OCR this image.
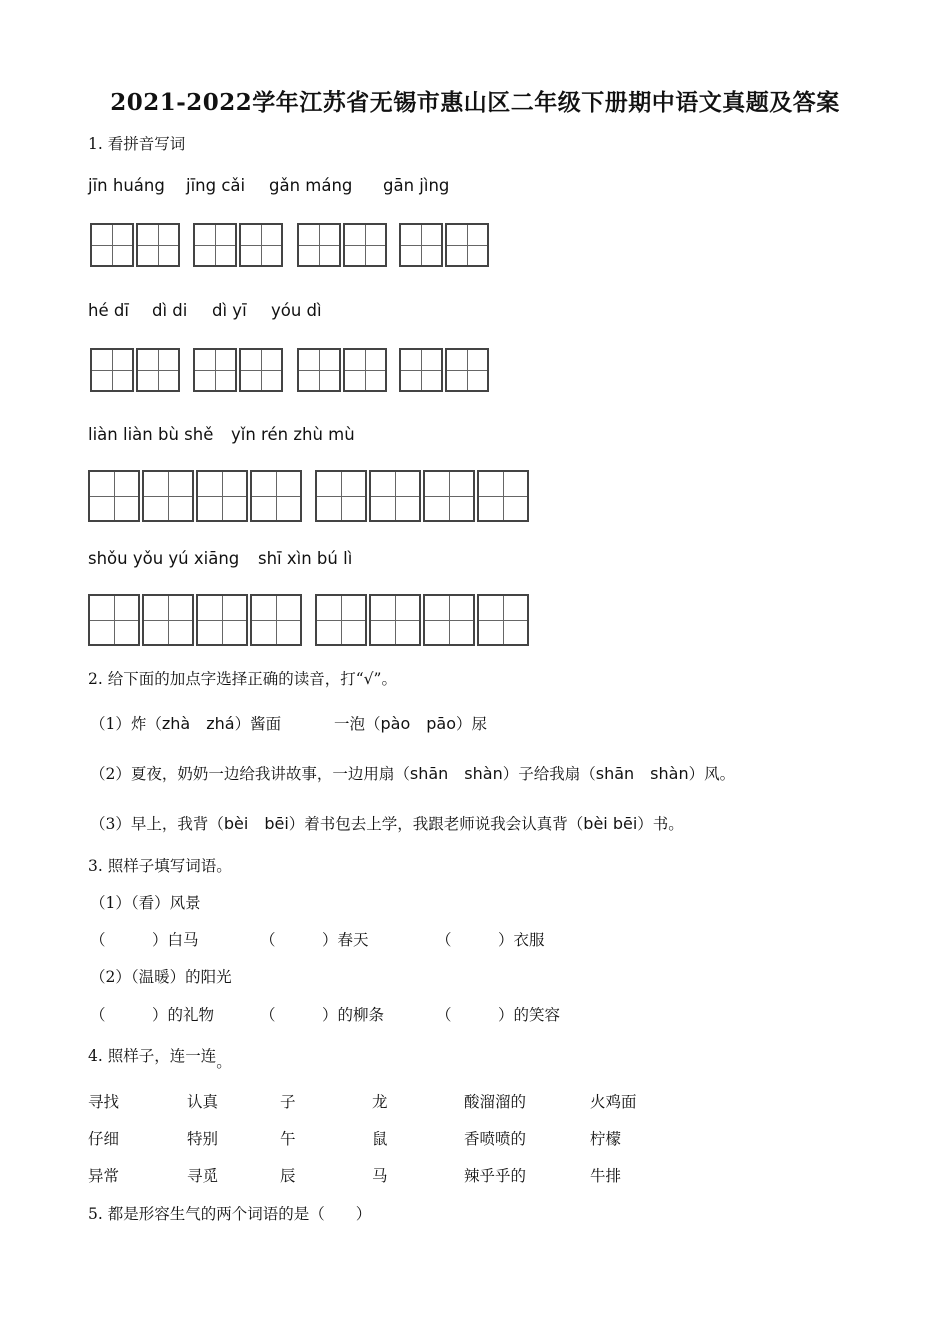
2021-2022学年江苏省无锡市惠山区二年级下册期中语文真题及答案
1. 看拼音写词
jīn huáng jīng cǎi gǎn máng gān jìng
hé dī dì di dì yī yóu dì
liàn liàn bù shě yǐn rén zhù mù
shǒu yǒu yú xiāng shī xìn bú lì
2. 给下面的加点字选择正确的读音，打“√”。
（1）炸（zhà　zhá）酱面	一泡（pào　pāo）尿
（2）夏夜，奶奶一边给我讲故事，一边用扇（shān　shàn）子给我扇（shān　shàn）风。
（3）早上，我背（bèi　bēi）着书包去上学，我跟老师说我会认真背（bèi bēi）书。
3. 照样子填写词语。
（1）（看）风景
（　　　）白马	（　　　）春天	（　　　）衣服
（2）（温暖）的阳光
（　　　）的礼物	（　　　）的柳条	（　　　）的笑容
4. 照样子，连一连。
寻找	认真	子	龙	酸溜溜的	火鸡面
仔细	特别	午	鼠	香喷喷的	柠檬
异常	寻觅	辰	马	辣乎乎的	牛排
5. 都是形容生气的两个词语的是（　　）
